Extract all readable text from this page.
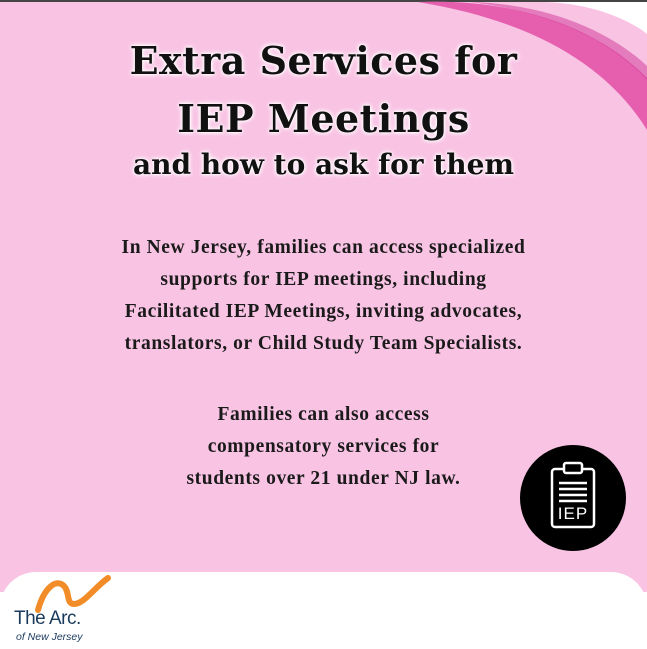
Extra Services for
IEP Meetings
and how to ask for them
In New Jersey, families can access specialized
supports for IEP meetings, including
Facilitated IEP Meetings, inviting advocates,
translators, or Child Study Team Specialists.
Families can also access
compensatory services for
students over 21 under NJ law.
IEP
The Arc.
of New Jersey
